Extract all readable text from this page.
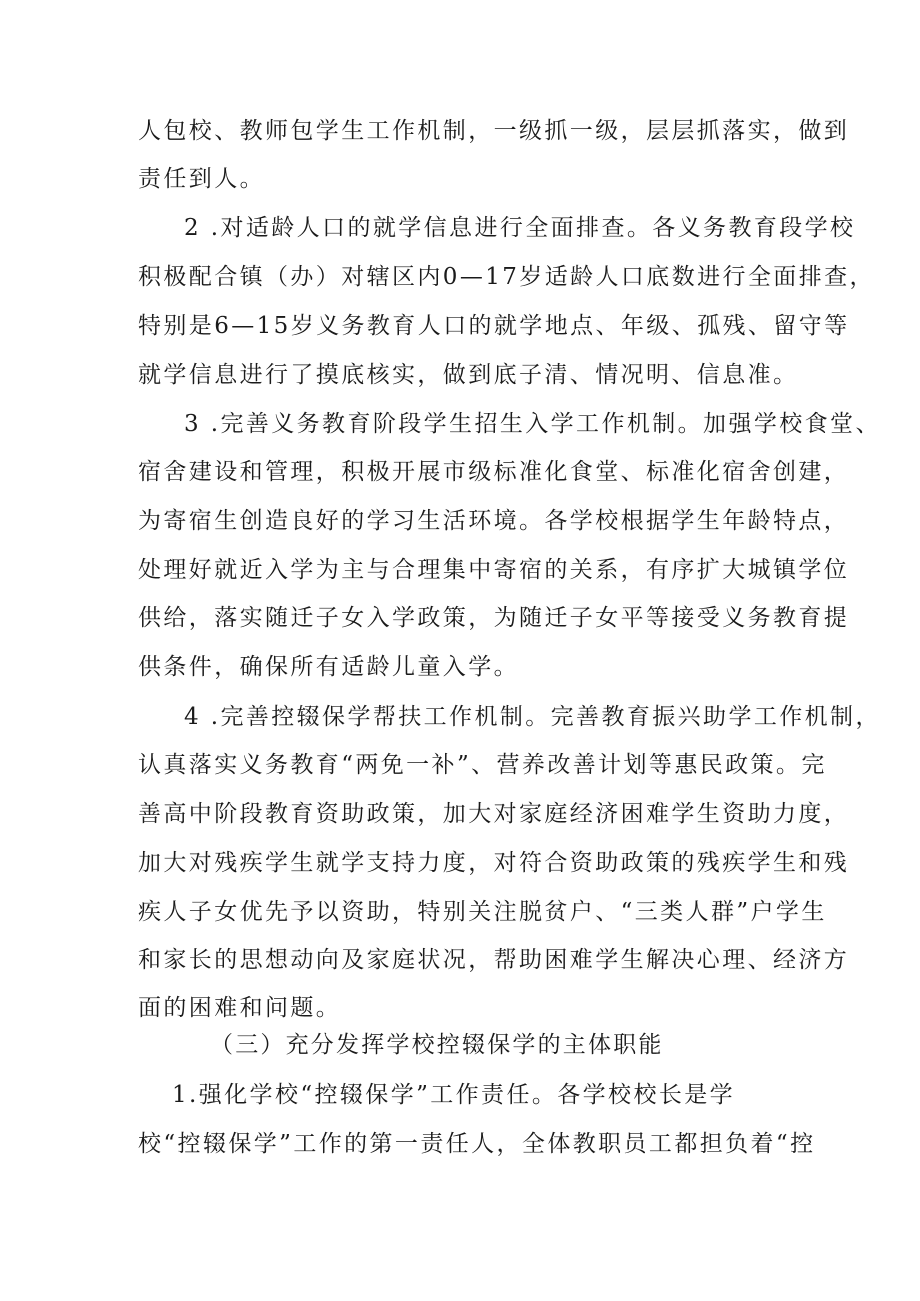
人包校、教师包学生工作机制，一级抓一级，层层抓落实，做到
责任到人。
2 .对适龄人口的就学信息进行全面排查。各义务教育段学校
积极配合镇（办）对辖区内0—17岁适龄人口底数进行全面排查，
特别是6—15岁义务教育人口的就学地点、年级、孤残、留守等
就学信息进行了摸底核实，做到底子清、情况明、信息准。
3 .完善义务教育阶段学生招生入学工作机制。加强学校食堂、
宿舍建设和管理，积极开展市级标准化食堂、标准化宿舍创建，
为寄宿生创造良好的学习生活环境。各学校根据学生年龄特点，
处理好就近入学为主与合理集中寄宿的关系，有序扩大城镇学位
供给，落实随迁子女入学政策，为随迁子女平等接受义务教育提
供条件，确保所有适龄儿童入学。
4 .完善控辍保学帮扶工作机制。完善教育振兴助学工作机制，
认真落实义务教育“两免一补”、营养改善计划等惠民政策。完
善高中阶段教育资助政策，加大对家庭经济困难学生资助力度，
加大对残疾学生就学支持力度，对符合资助政策的残疾学生和残
疾人子女优先予以资助，特别关注脱贫户、“三类人群”户学生
和家长的思想动向及家庭状况，帮助困难学生解决心理、经济方
面的困难和问题。
（三）充分发挥学校控辍保学的主体职能
1.强化学校“控辍保学”工作责任。各学校校长是学
校“控辍保学”工作的第一责任人，全体教职员工都担负着“控
